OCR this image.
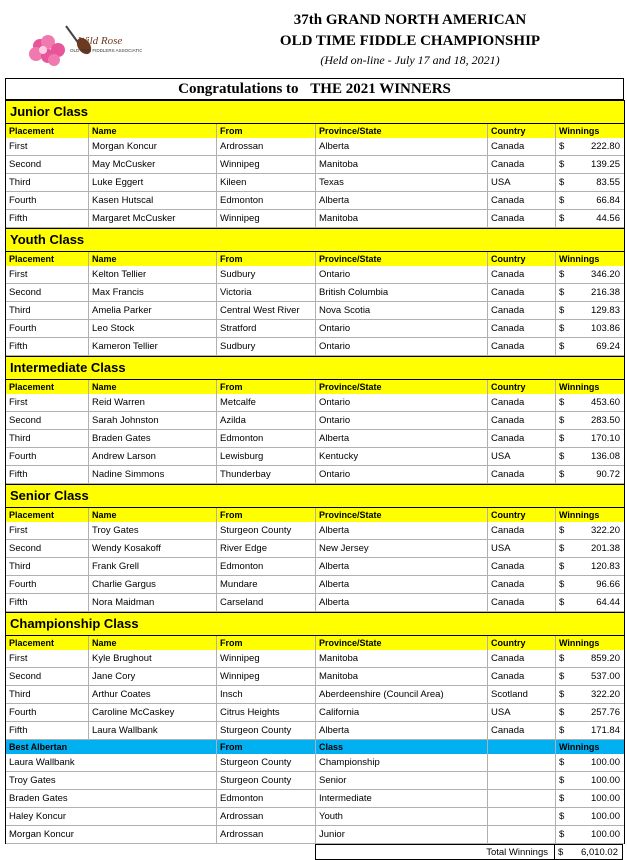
Wild Rose
OLD TIME FIDDLERS ASSOCIATION
37th GRAND NORTH AMERICAN
OLD TIME FIDDLE CHAMPIONSHIP
(Held on-line - July 17 and 18, 2021)
Congratulations to THE 2021 WINNERS
Junior Class
Placement	Name	From	Province/State	Country	Winnings
First	Morgan Koncur	Ardrossan	Alberta	Canada	$	222.80
Second	May McCusker	Winnipeg	Manitoba	Canada	$	139.25
Third	Luke Eggert	Kileen	Texas	USA	$	83.55
Fourth	Kasen Hutscal	Edmonton	Alberta	Canada	$	66.84
Fifth	Margaret McCusker	Winnipeg	Manitoba	Canada	$	44.56
Youth Class
Placement	Name	From	Province/State	Country	Winnings
First	Kelton Tellier	Sudbury	Ontario	Canada	$	346.20
Second	Max Francis	Victoria	British Columbia	Canada	$	216.38
Third	Amelia Parker	Central West River	Nova Scotia	Canada	$	129.83
Fourth	Leo Stock	Stratford	Ontario	Canada	$	103.86
Fifth	Kameron Tellier	Sudbury	Ontario	Canada	$	69.24
Intermediate Class
Placement	Name	From	Province/State	Country	Winnings
First	Reid Warren	Metcalfe	Ontario	Canada	$	453.60
Second	Sarah Johnston	Azilda	Ontario	Canada	$	283.50
Third	Braden Gates	Edmonton	Alberta	Canada	$	170.10
Fourth	Andrew Larson	Lewisburg	Kentucky	USA	$	136.08
Fifth	Nadine Simmons	Thunderbay	Ontario	Canada	$	90.72
Senior Class
Placement	Name	From	Province/State	Country	Winnings
First	Troy Gates	Sturgeon County	Alberta	Canada	$	322.20
Second	Wendy Kosakoff	River Edge	New Jersey	USA	$	201.38
Third	Frank Grell	Edmonton	Alberta	Canada	$	120.83
Fourth	Charlie Gargus	Mundare	Alberta	Canada	$	96.66
Fifth	Nora Maidman	Carseland	Alberta	Canada	$	64.44
Championship Class
Placement	Name	From	Province/State	Country	Winnings
First	Kyle Brughout	Winnipeg	Manitoba	Canada	$	859.20
Second	Jane Cory	Winnipeg	Manitoba	Canada	$	537.00
Third	Arthur Coates	Insch	Aberdeenshire (Council Area)	Scotland	$	322.20
Fourth	Caroline McCaskey	Citrus Heights	California	USA	$	257.76
Fifth	Laura Wallbank	Sturgeon County	Alberta	Canada	$	171.84
Best Albertan	From	Class	Winnings
Laura Wallbank	Sturgeon County	Championship	$	100.00
Troy Gates	Sturgeon County	Senior	$	100.00
Braden Gates	Edmonton	Intermediate	$	100.00
Haley Koncur	Ardrossan	Youth	$	100.00
Morgan Koncur	Ardrossan	Junior	$	100.00
Total Winnings	$ 6,010.02
